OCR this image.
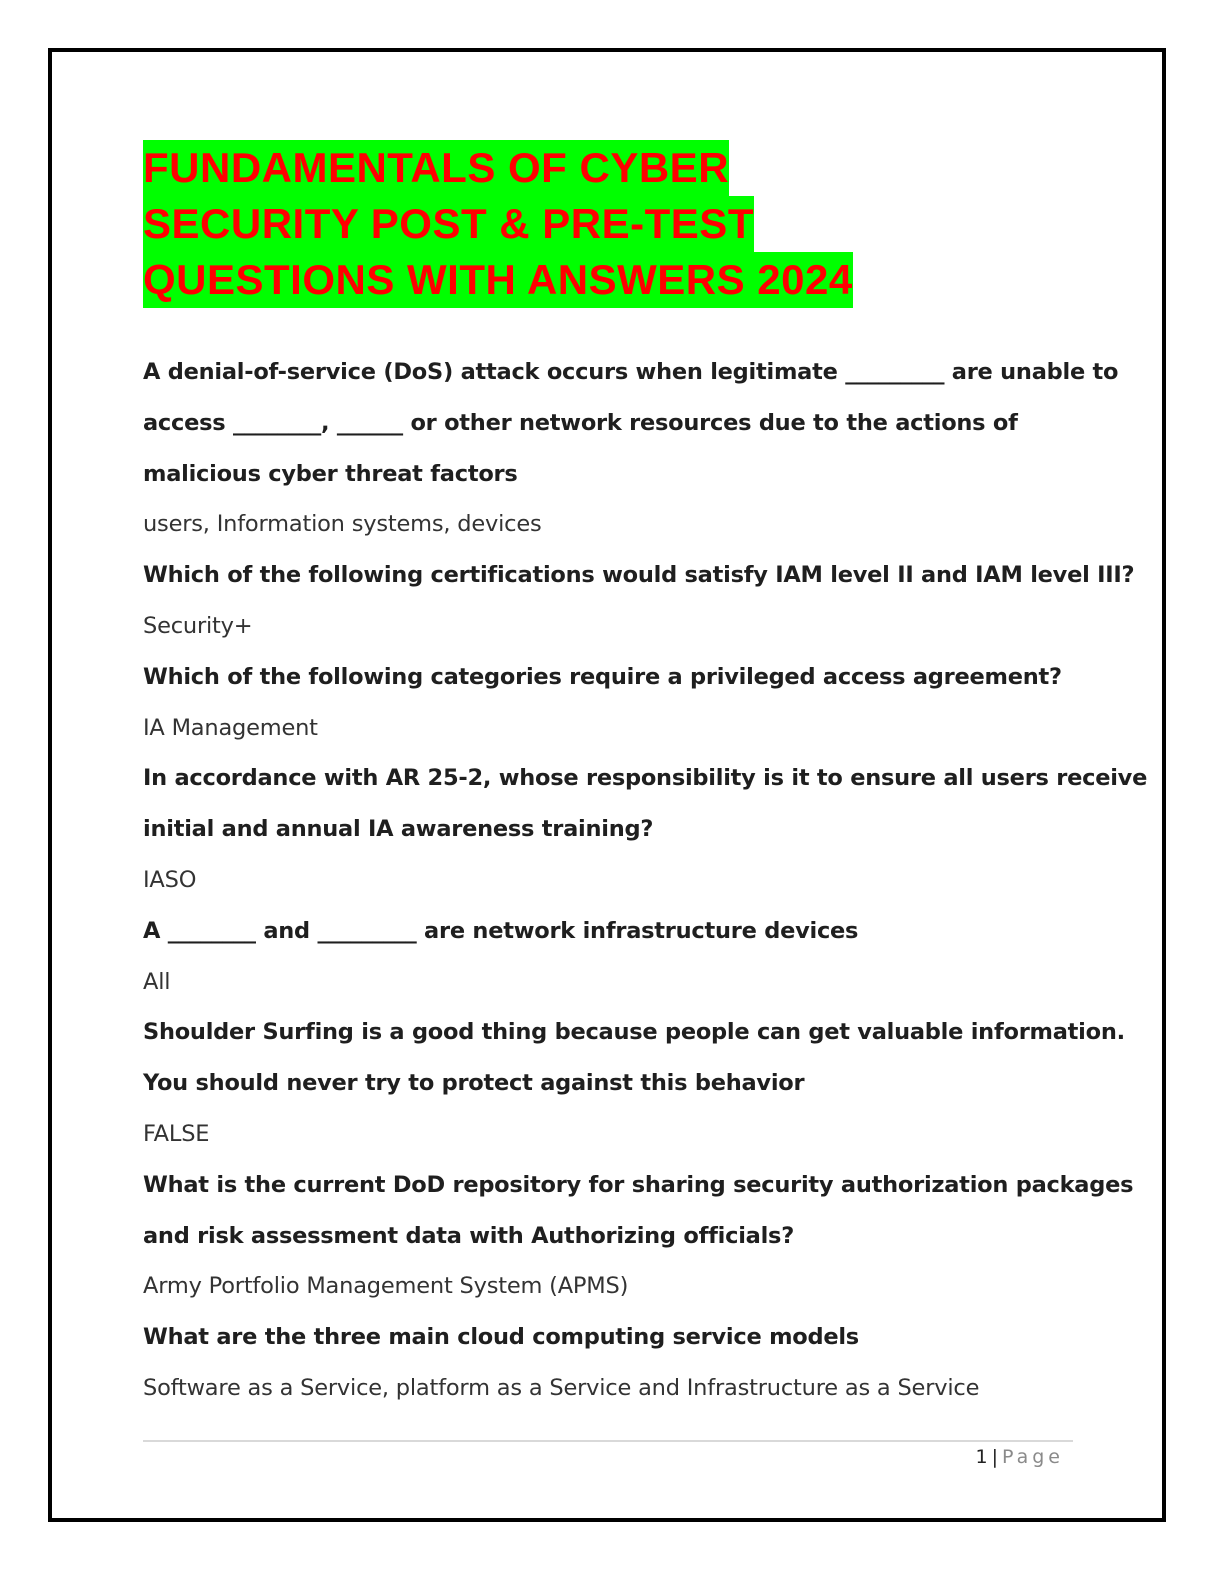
FUNDAMENTALS OF CYBER
SECURITY POST & PRE-TEST
QUESTIONS WITH ANSWERS 2024
A denial-of-service (DoS) attack occurs when legitimate _________ are unable to
access ________, ______ or other network resources due to the actions of
malicious cyber threat factors
users, Information systems, devices
Which of the following certifications would satisfy IAM level II and IAM level III?
Security+
Which of the following categories require a privileged access agreement?
IA Management
In accordance with AR 25-2, whose responsibility is it to ensure all users receive
initial and annual IA awareness training?
IASO
A ________ and _________ are network infrastructure devices
All
Shoulder Surfing is a good thing because people can get valuable information.
You should never try to protect against this behavior
FALSE
What is the current DoD repository for sharing security authorization packages
and risk assessment data with Authorizing officials?
Army Portfolio Management System (APMS)
What are the three main cloud computing service models
Software as a Service, platform as a Service and Infrastructure as a Service
1 | Page
